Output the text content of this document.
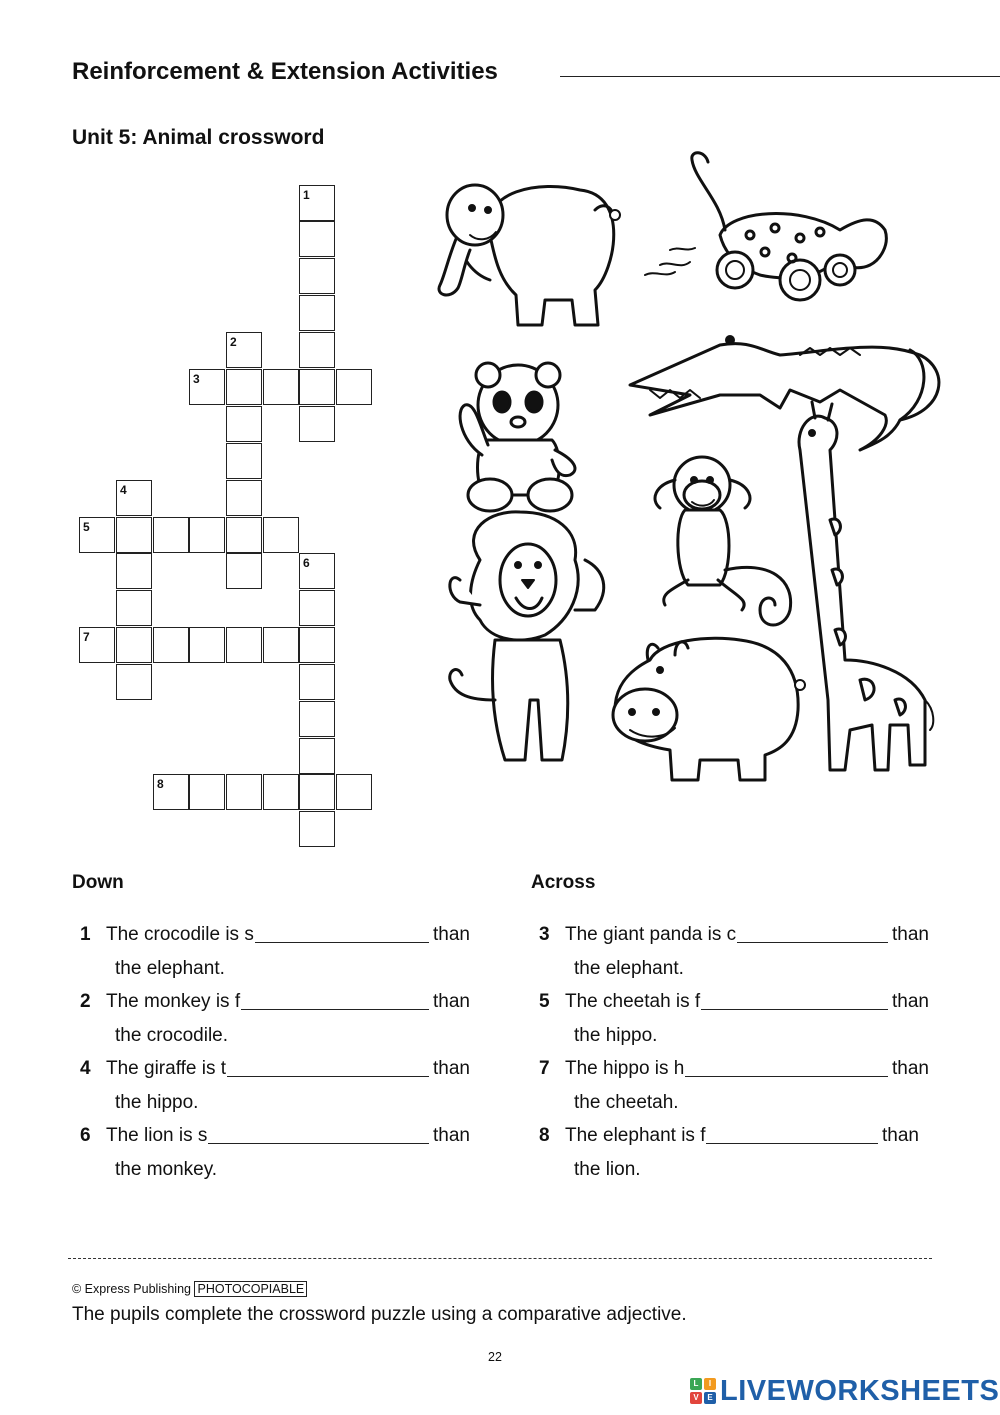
Reinforcement & Extension Activities
Unit 5: Animal crossword
1
2
3
4
5
6
7
8
Down
1 The crocodile is s	than
the elephant.
2 The monkey is f	than
the crocodile.
4 The giraffe is t	than
the hippo.
6 The lion is s	than
the monkey.
Across
3 The giant panda is c	than
the elephant.
5 The cheetah is f	than
the hippo.
7 The hippo is h	than
the cheetah.
8 The elephant is f	than
the lion.
© Express Publishing PHOTOCOPIABLE
The pupils complete the crossword puzzle using a comparative adjective.
22
L	I
V	E LIVEWORKSHEETS
